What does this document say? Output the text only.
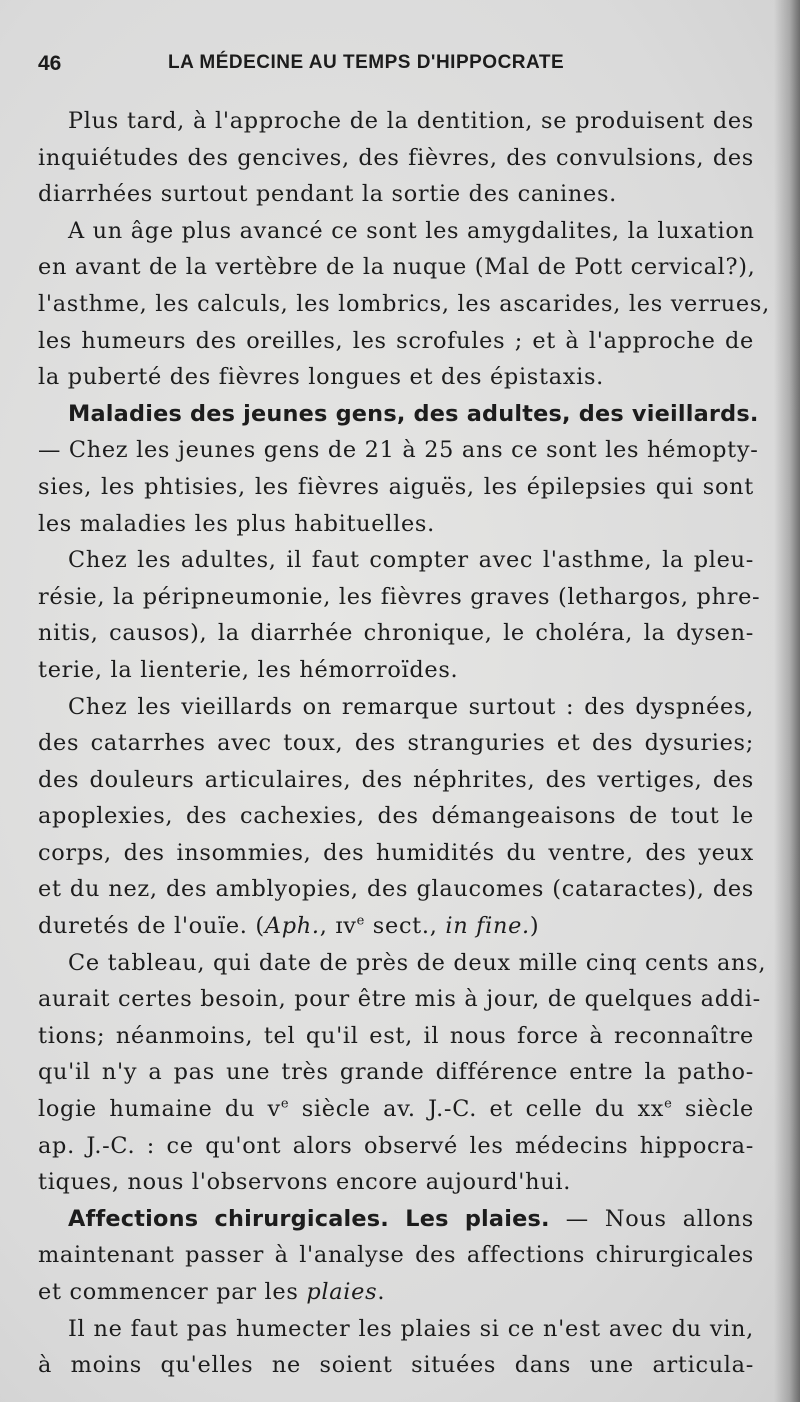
46	LA MÉDECINE AU TEMPS D'HIPPOCRATE
Plus tard, à l'approche de la dentition, se produisent des
inquiétudes des gencives, des fièvres, des convulsions, des
diarrhées surtout pendant la sortie des canines.
A un âge plus avancé ce sont les amygdalites, la luxation
en avant de la vertèbre de la nuque (Mal de Pott cervical?),
l'asthme, les calculs, les lombrics, les ascarides, les verrues,
les humeurs des oreilles, les scrofules ; et à l'approche de
la puberté des fièvres longues et des épistaxis.
Maladies des jeunes gens, des adultes, des vieillards.
— Chez les jeunes gens de 21 à 25 ans ce sont les hémopty-
sies, les phtisies, les fièvres aiguës, les épilepsies qui sont
les maladies les plus habituelles.
Chez les adultes, il faut compter avec l'asthme, la pleu-
résie, la péripneumonie, les fièvres graves (lethargos, phre-
nitis, causos), la diarrhée chronique, le choléra, la dysen-
terie, la lienterie, les hémorroïdes.
Chez les vieillards on remarque surtout : des dyspnées,
des catarrhes avec toux, des stranguries et des dysuries;
des douleurs articulaires, des néphrites, des vertiges, des
apoplexies, des cachexies, des démangeaisons de tout le
corps, des insommies, des humidités du ventre, des yeux
et du nez, des amblyopies, des glaucomes (cataractes), des
duretés de l'ouïe. (Aph., ɪv$^e$ sect., in fine.)
Ce tableau, qui date de près de deux mille cinq cents ans,
aurait certes besoin, pour être mis à jour, de quelques addi-
tions; néanmoins, tel qu'il est, il nous force à reconnaître
qu'il n'y a pas une très grande différence entre la patho-
logie humaine du $v^e$ siècle av. J.-C. et celle du $xx^e$ siècle
ap. J.-C. : ce qu'ont alors observé les médecins hippocra-
tiques, nous l'observons encore aujourd'hui.
Affections chirurgicales. Les plaies. — Nous allons
maintenant passer à l'analyse des affections chirurgicales
et commencer par les plaies.
Il ne faut pas humecter les plaies si ce n'est avec du vin,
à moins qu'elles ne soient situées dans une articula-
